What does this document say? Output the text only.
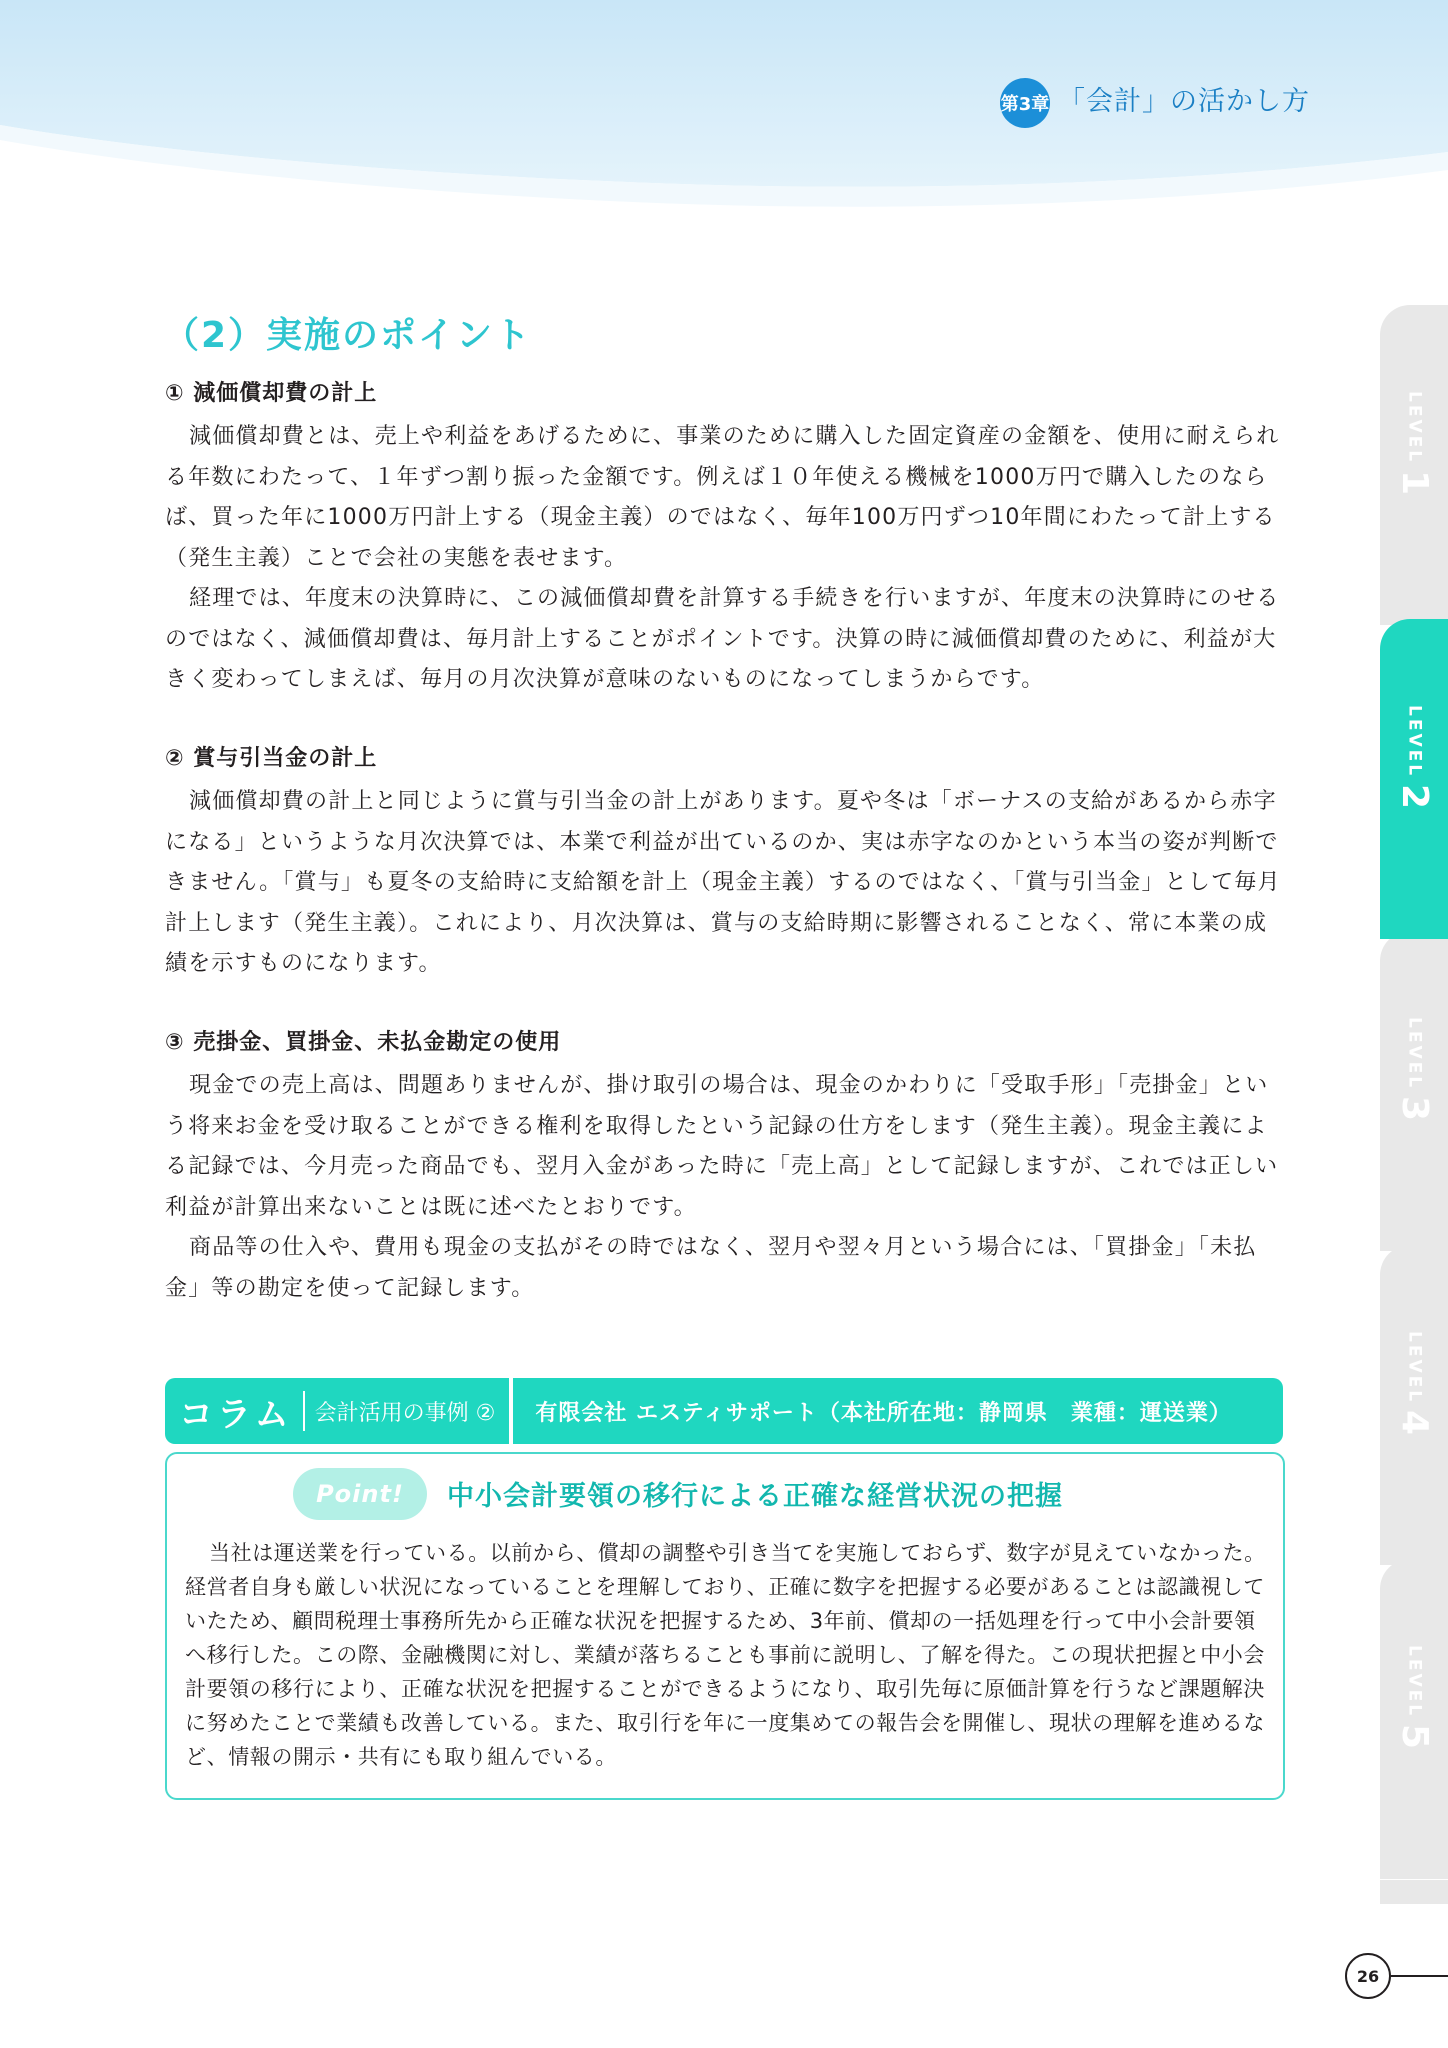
第3章 「会計」の活かし方
（2）実施のポイント
① 減価償却費の計上

減価償却費とは、売上や利益をあげるために、事業のために購入した固定資産の金額を、使用に耐えられる年数にわたって、１年ずつ割り振った金額です。例えば１０年使える機械を1000万円で購入したのならば、買った年に1000万円計上する（現金主義）のではなく、毎年100万円ずつ10年間にわたって計上する（発生主義）ことで会社の実態を表せます。

経理では、年度末の決算時に、この減価償却費を計算する手続きを行いますが、年度末の決算時にのせるのではなく、減価償却費は、毎月計上することがポイントです。決算の時に減価償却費のために、利益が大きく変わってしまえば、毎月の月次決算が意味のないものになってしまうからです。

② 賞与引当金の計上

減価償却費の計上と同じように賞与引当金の計上があります。夏や冬は「ボーナスの支給があるから赤字になる」というような月次決算では、本業で利益が出ているのか、実は赤字なのかという本当の姿が判断できません。「賞与」も夏冬の支給時に支給額を計上（現金主義）するのではなく、「賞与引当金」として毎月計上します（発生主義）。これにより、月次決算は、賞与の支給時期に影響されることなく、常に本業の成績を示すものになります。

③ 売掛金、買掛金、未払金勘定の使用

現金での売上高は、問題ありませんが、掛け取引の場合は、現金のかわりに「受取手形」「売掛金」という将来お金を受け取ることができる権利を取得したという記録の仕方をします（発生主義）。現金主義による記録では、今月売った商品でも、翌月入金があった時に「売上高」として記録しますが、これでは正しい利益が計算出来ないことは既に述べたとおりです。

商品等の仕入や、費用も現金の支払がその時ではなく、翌月や翌々月という場合には、「買掛金」「未払金」等の勘定を使って記録します。

コラム 会計活用の事例 ② 有限会社 エスティサポート（本社所在地：静岡県　業種：運送業）
Point!	中小会計要領の移行による正確な経営状況の把握

当社は運送業を行っている。以前から、償却の調整や引き当てを実施しておらず、数字が見えていなかった。経営者自身も厳しい状況になっていることを理解しており、正確に数字を把握する必要があることは認識視していたため、顧問税理士事務所先から正確な状況を把握するため、3年前、償却の一括処理を行って中小会計要領へ移行した。この際、金融機関に対し、業績が落ちることも事前に説明し、了解を得た。この現状把握と中小会計要領の移行により、正確な状況を把握することができるようになり、取引先毎に原価計算を行うなど課題解決に努めたことで業績も改善している。また、取引行を年に一度集めての報告会を開催し、現状の理解を進めるなど、情報の開示・共有にも取り組んでいる。

LEVEL
1
LEVEL
5
LEVEL
4
LEVEL
3
LEVEL
2
26
